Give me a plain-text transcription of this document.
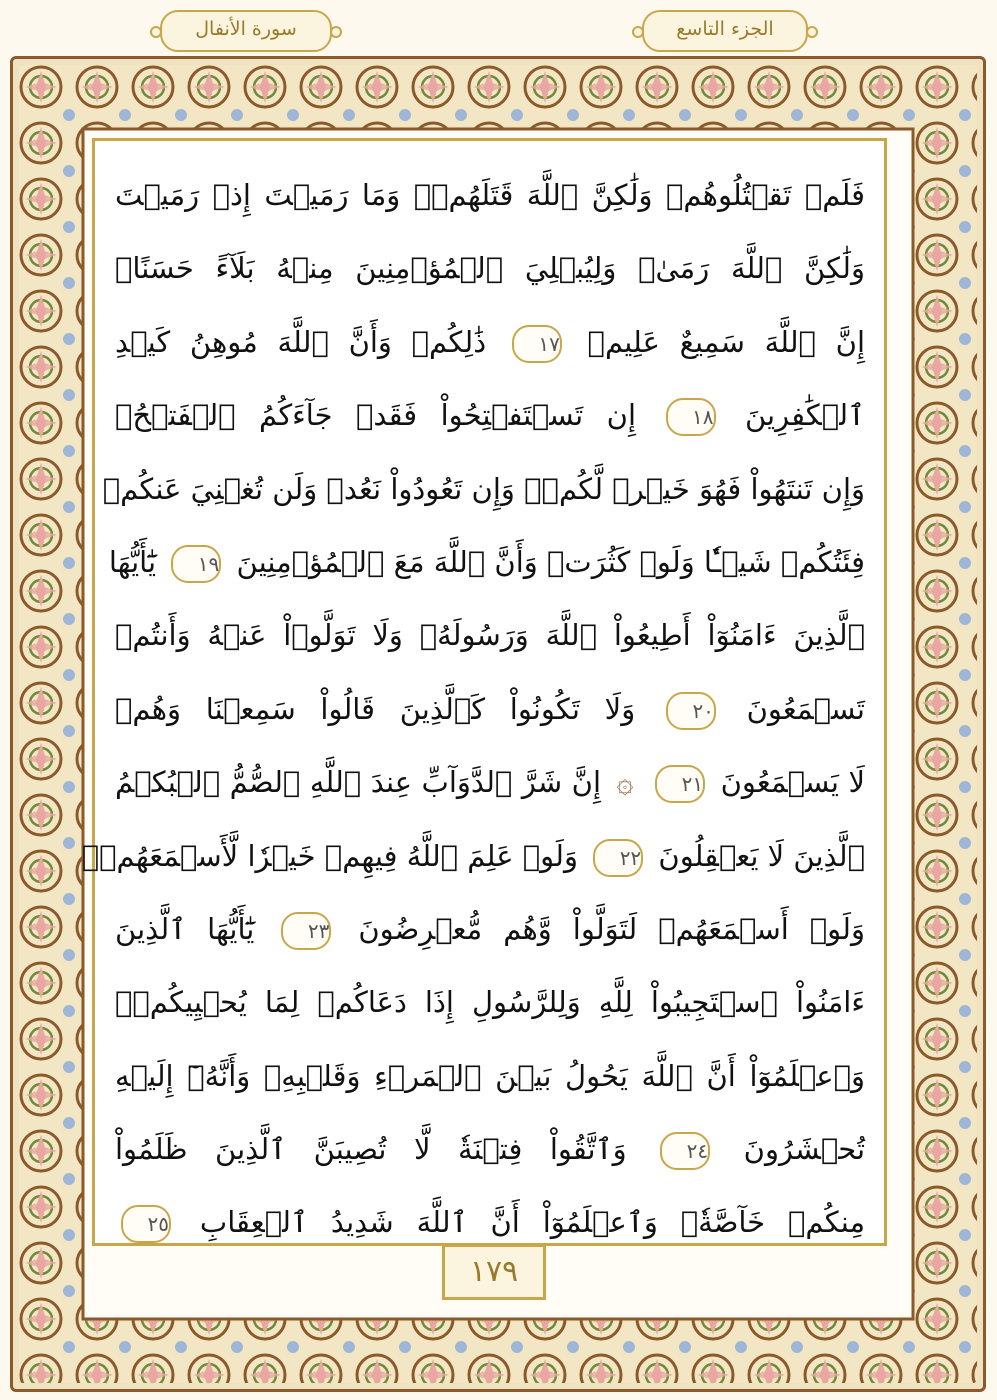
الجزء التاسع
سورة الأنفال
فَلَمۡ تَقۡتُلُوهُمۡ وَلَٰكِنَّ ٱللَّهَ قَتَلَهُمۡۚ وَمَا رَمَيۡتَ إِذۡ رَمَيۡتَ
وَلَٰكِنَّ ٱللَّهَ رَمَىٰۚ وَلِيُبۡلِيَ ٱلۡمُؤۡمِنِينَ مِنۡهُ بَلَآءً حَسَنًاۚ
إِنَّ ٱللَّهَ سَمِيعٌ عَلِيمٞ ١٧ ذَٰلِكُمۡ وَأَنَّ ٱللَّهَ مُوهِنُ كَيۡدِ
ٱلۡكَٰفِرِينَ ١٨ إِن تَسۡتَفۡتِحُواْ فَقَدۡ جَآءَكُمُ ٱلۡفَتۡحُۖ
وَإِن تَنتَهُواْ فَهُوَ خَيۡرٞ لَّكُمۡۖ وَإِن تَعُودُواْ نَعُدۡ وَلَن تُغۡنِيَ عَنكُمۡ
فِئَتُكُمۡ شَيۡـٔٗا وَلَوۡ كَثُرَتۡ وَأَنَّ ٱللَّهَ مَعَ ٱلۡمُؤۡمِنِينَ ١٩ يَٰٓأَيُّهَا
ٱلَّذِينَ ءَامَنُوٓاْ أَطِيعُواْ ٱللَّهَ وَرَسُولَهُۥ وَلَا تَوَلَّوۡاْ عَنۡهُ وَأَنتُمۡ
تَسۡمَعُونَ ٢٠ وَلَا تَكُونُواْ كَٱلَّذِينَ قَالُواْ سَمِعۡنَا وَهُمۡ
لَا يَسۡمَعُونَ ٢١ ۞ إِنَّ شَرَّ ٱلدَّوَآبِّ عِندَ ٱللَّهِ ٱلصُّمُّ ٱلۡبُكۡمُ
ٱلَّذِينَ لَا يَعۡقِلُونَ ٢٢ وَلَوۡ عَلِمَ ٱللَّهُ فِيهِمۡ خَيۡرٗا لَّأَسۡمَعَهُمۡۖ
وَلَوۡ أَسۡمَعَهُمۡ لَتَوَلَّواْ وَّهُم مُّعۡرِضُونَ ٢٣ يَٰٓأَيُّهَا ٱلَّذِينَ
ءَامَنُواْ ٱسۡتَجِيبُواْ لِلَّهِ وَلِلرَّسُولِ إِذَا دَعَاكُمۡ لِمَا يُحۡيِيكُمۡۖ
وَٱعۡلَمُوٓاْ أَنَّ ٱللَّهَ يَحُولُ بَيۡنَ ٱلۡمَرۡءِ وَقَلۡبِهِۦ وَأَنَّهُۥٓ إِلَيۡهِ
تُحۡشَرُونَ ٢٤ وَٱتَّقُواْ فِتۡنَةٗ لَّا تُصِيبَنَّ ٱلَّذِينَ ظَلَمُواْ
مِنكُمۡ خَآصَّةٗۖ وَٱعۡلَمُوٓاْ أَنَّ ٱللَّهَ شَدِيدُ ٱلۡعِقَابِ ٢٥
١٧٩
